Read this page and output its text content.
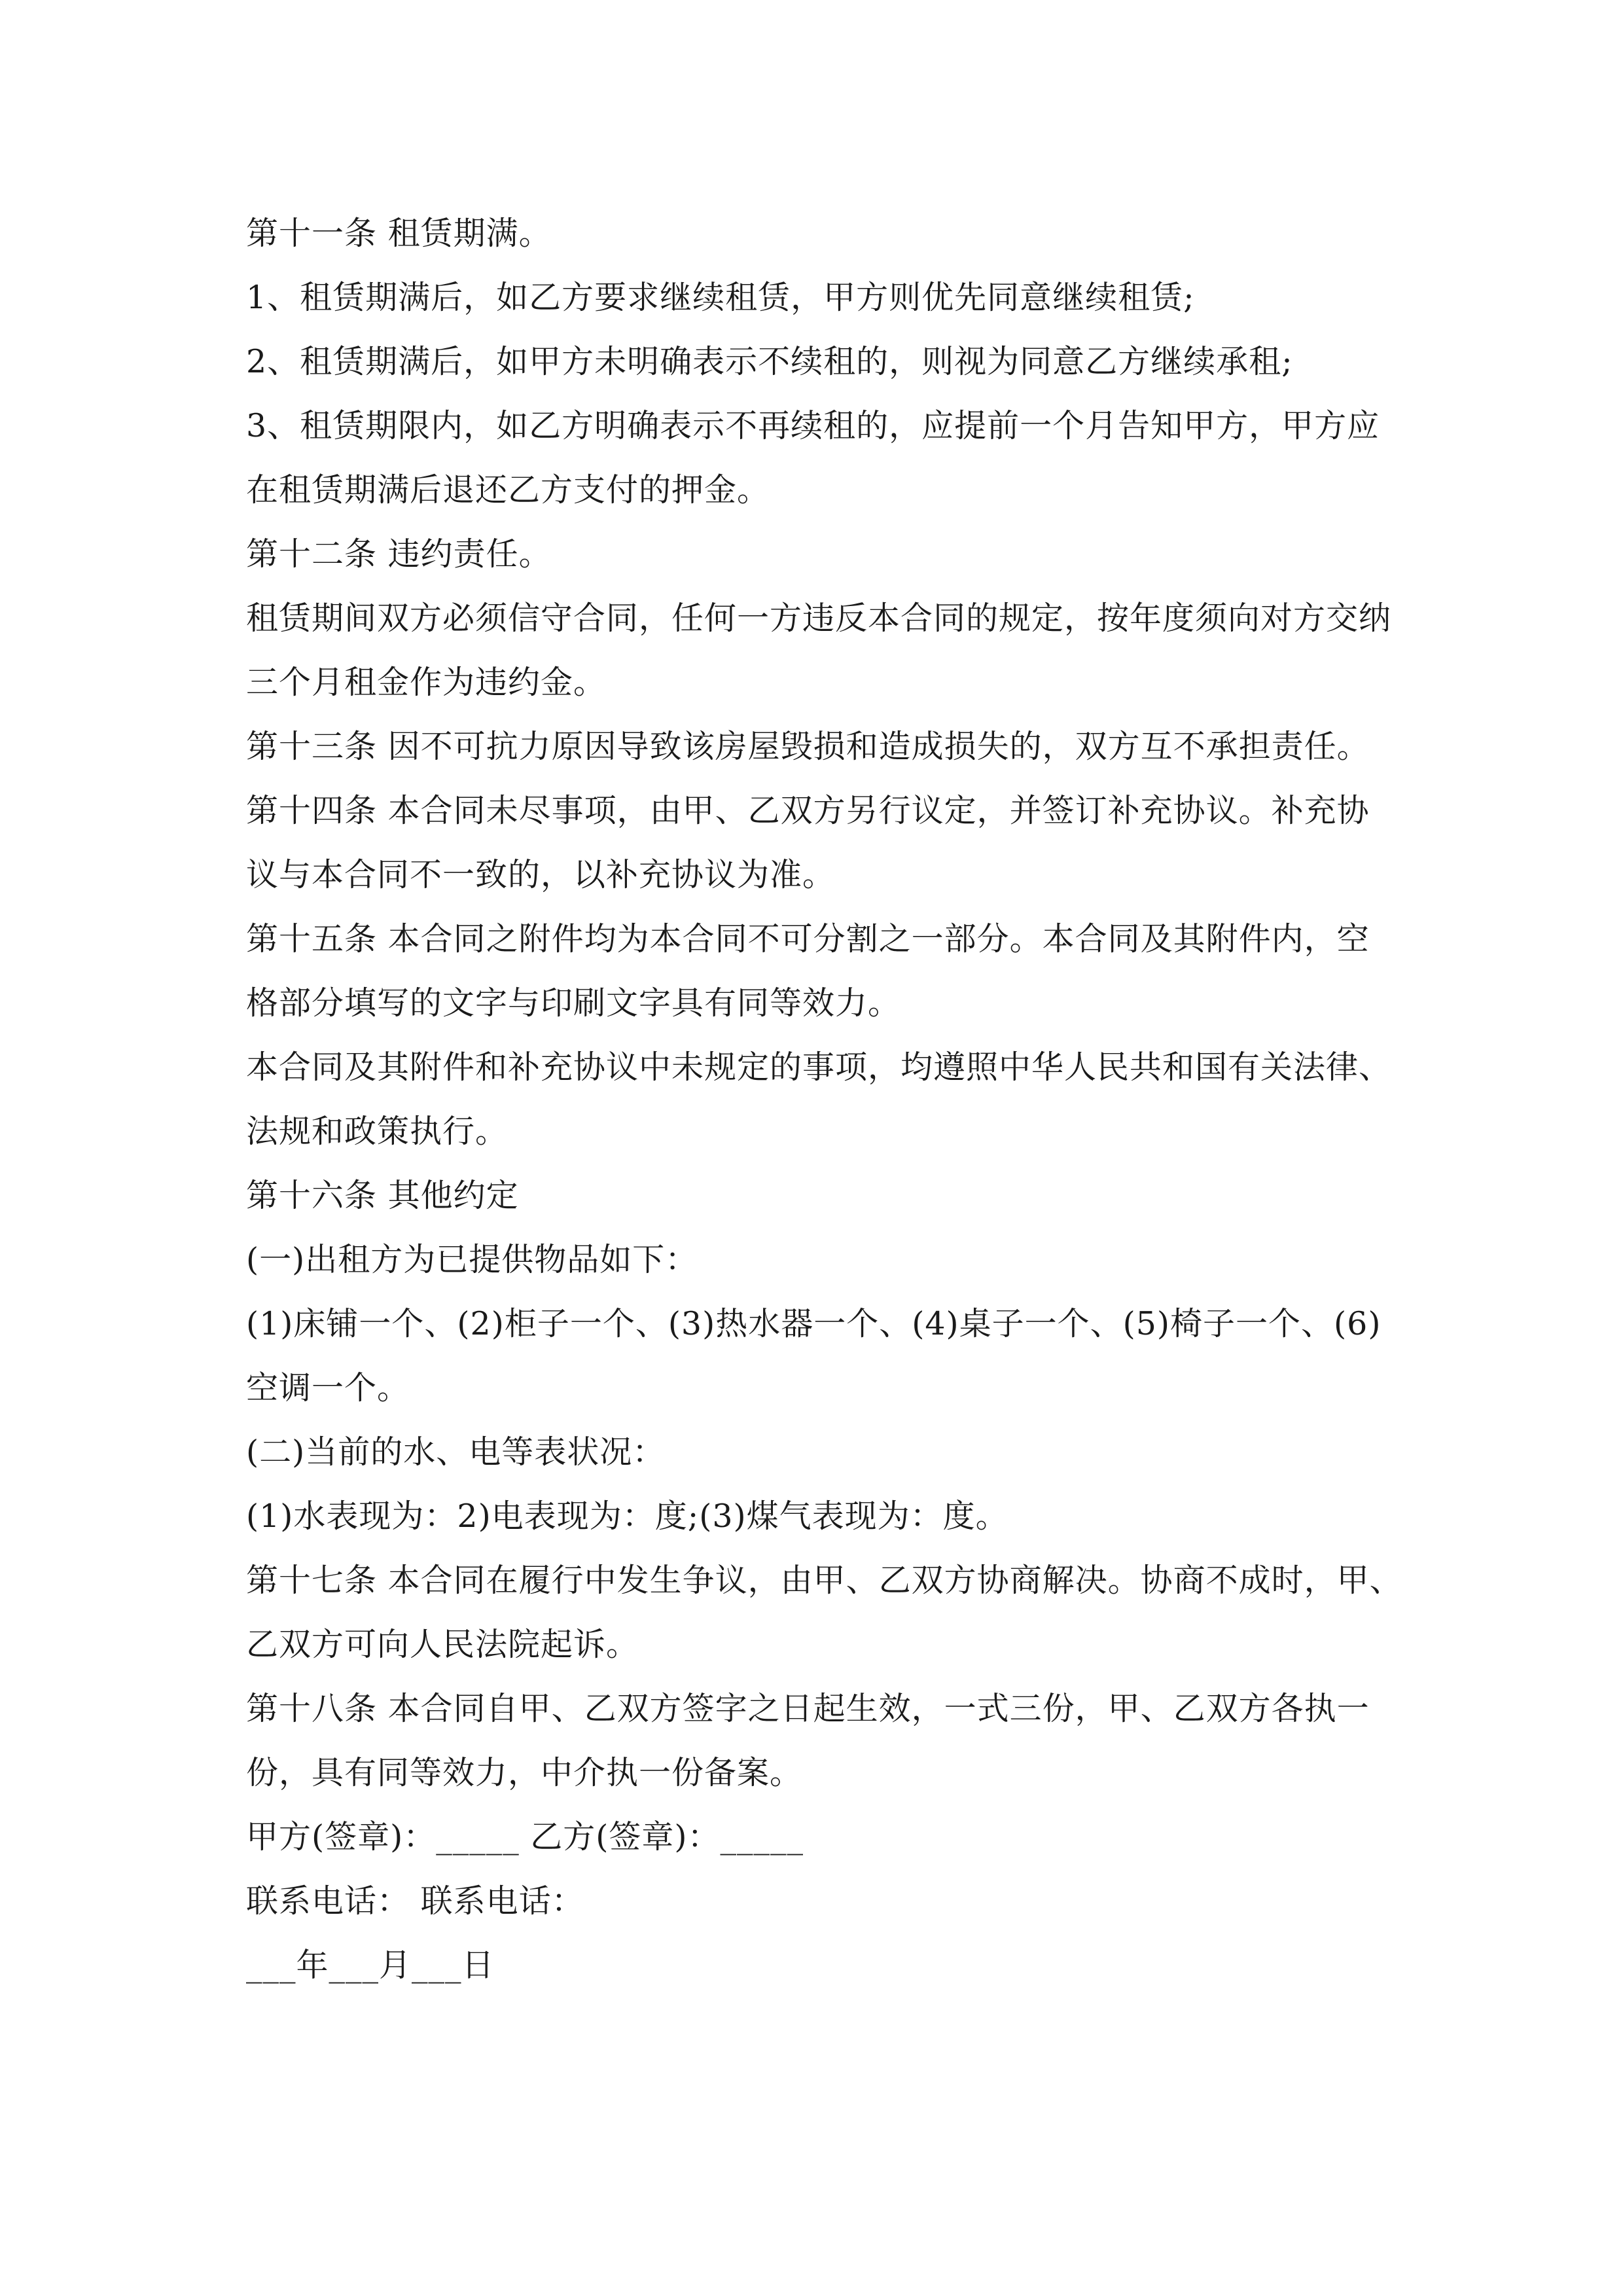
第十一条 租赁期满。
1、租赁期满后，如乙方要求继续租赁，甲方则优先同意继续租赁;
2、租赁期满后，如甲方未明确表示不续租的，则视为同意乙方继续承租;
3、租赁期限内，如乙方明确表示不再续租的，应提前一个月告知甲方，甲方应
在租赁期满后退还乙方支付的押金。
第十二条 违约责任。
租赁期间双方必须信守合同，任何一方违反本合同的规定，按年度须向对方交纳
三个月租金作为违约金。
第十三条 因不可抗力原因导致该房屋毁损和造成损失的，双方互不承担责任。
第十四条 本合同未尽事项，由甲、乙双方另行议定，并签订补充协议。补充协
议与本合同不一致的，以补充协议为准。
第十五条 本合同之附件均为本合同不可分割之一部分。本合同及其附件内，空
格部分填写的文字与印刷文字具有同等效力。
本合同及其附件和补充协议中未规定的事项，均遵照中华人民共和国有关法律、
法规和政策执行。
第十六条 其他约定
(一)出租方为已提供物品如下：
(1)床铺一个、(2)柜子一个、(3)热水器一个、(4)桌子一个、(5)椅子一个、(6)
空调一个。
(二)当前的水、电等表状况：
(1)水表现为：2)电表现为：度;(3)煤气表现为：度。
第十七条 本合同在履行中发生争议，由甲、乙双方协商解决。协商不成时，甲、
乙双方可向人民法院起诉。
第十八条 本合同自甲、乙双方签字之日起生效，一式三份，甲、乙双方各执一
份，具有同等效力，中介执一份备案。
甲方(签章)：_____ 乙方(签章)：_____
联系电话： 联系电话：
___年___月___日
